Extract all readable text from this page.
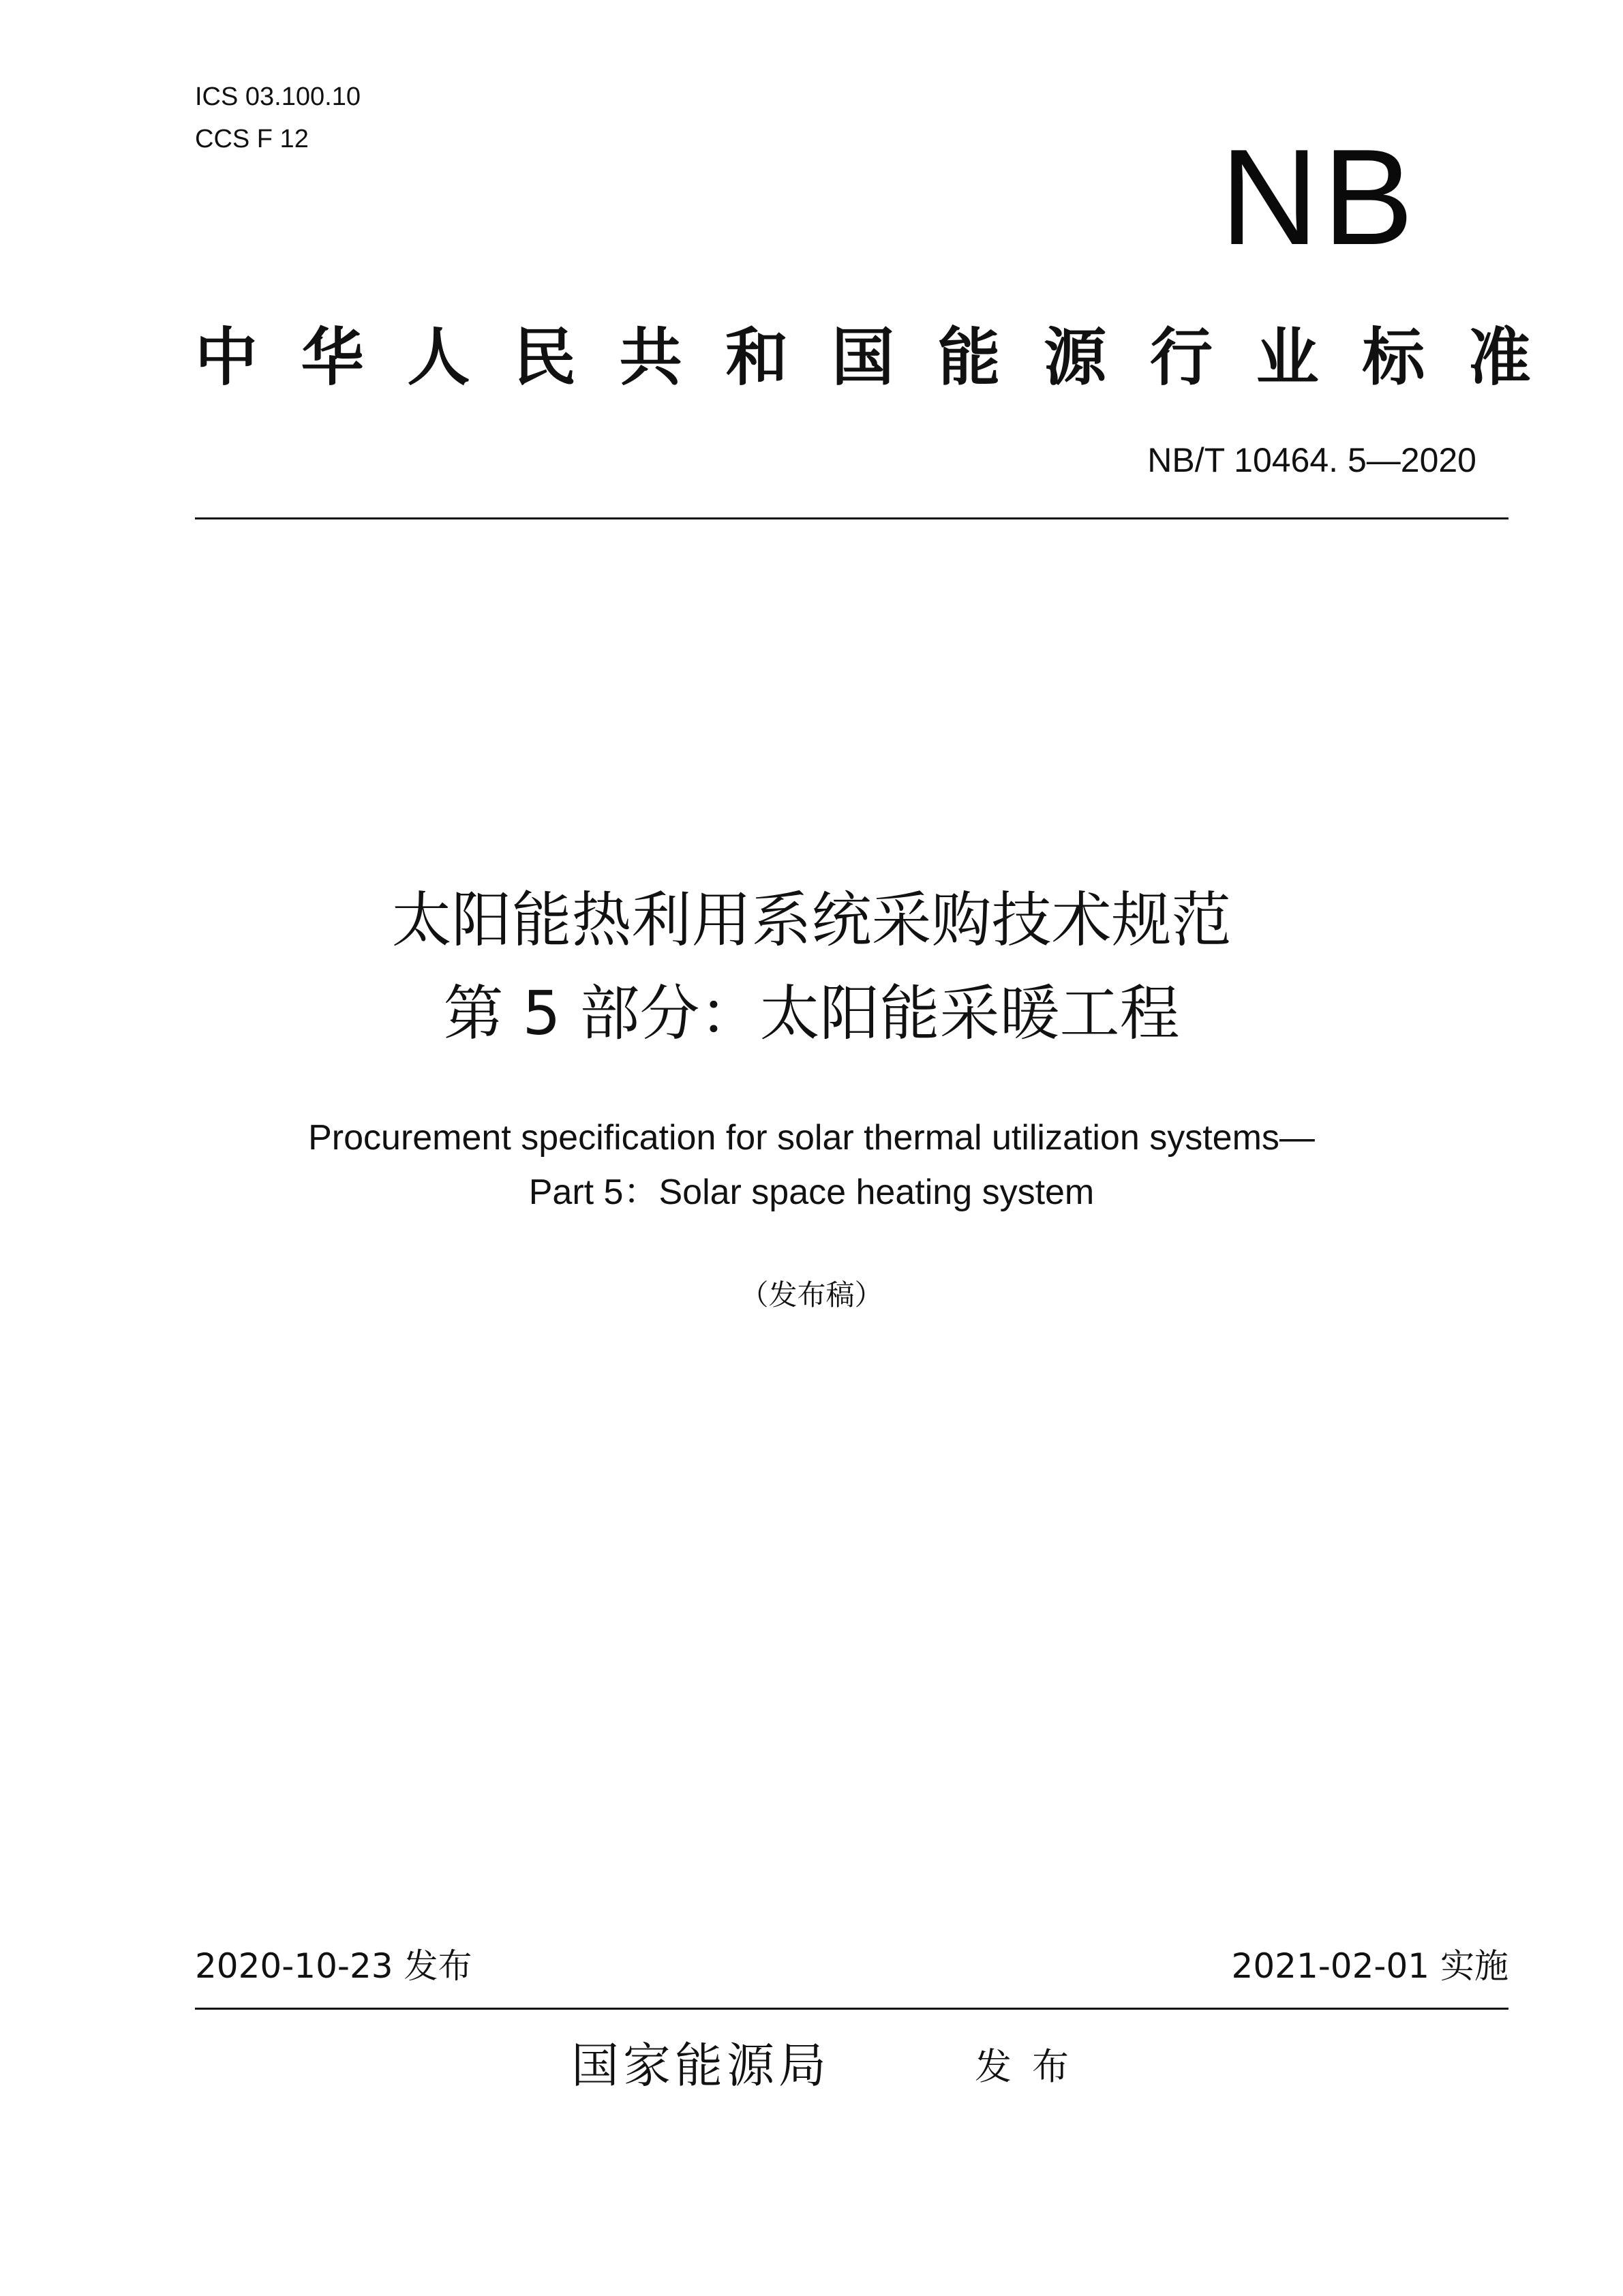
ICS 03.100.10
CCS F 12	NB
中 华 人 民 共 和 国 能 源 行 业 标 准
NB/T 10464. 5—2020
太阳能热利用系统采购技术规范
第 5 部分：太阳能采暖工程
Procurement specification for solar thermal utilization systems—
Part 5：Solar space heating system
（发布稿）
2020-10-23 发布	2021-02-01 实施
国家能源局	发布
